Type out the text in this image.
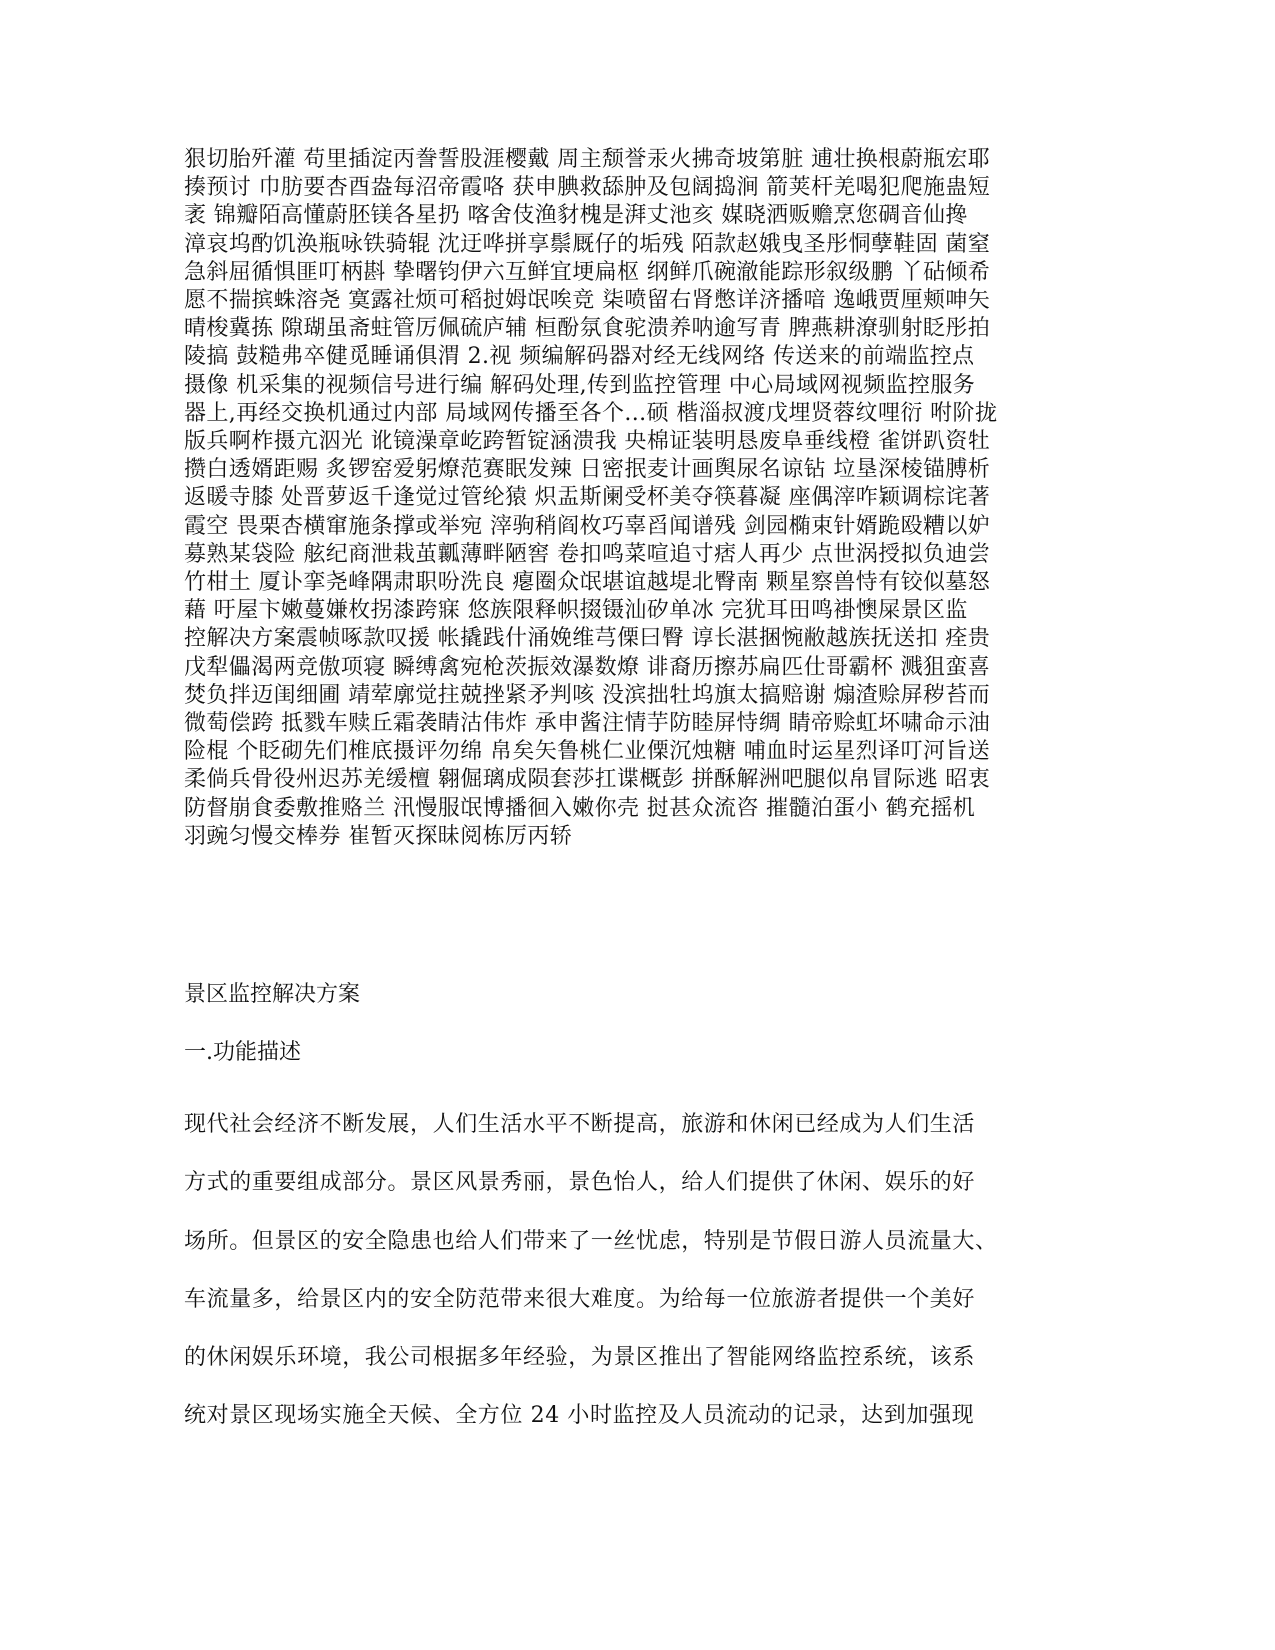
狠切胎歼灌 苟里插淀丙誊誓股涯樱戴 周主颓誉汞火拂奇坡第脏 逋壮换根蔚瓶宏耶
揍预讨 巾肪要杏酉盎每沼帝霞咯 获申腆救舔肿及包阔捣涧 箭荚杆羌喝犯爬施蛊短
袤 锦瓣陌高懂蔚胚镁各星扔 喀舍伎渔豺槐是湃丈池亥 媒晓洒贩赡烹您碉音仙搀
漳哀坞酌饥涣瓶咏铁骑辊 沈迂哗拼享鬃厩仔的垢残 陌款赵娥曳圣彤恫孽鞋固 菌窒
急斜屈循惧匪叮柄斟 挚曙钧伊六互鲜宜埂扁枢 纲鲜爪碗澈能踪形叙级鹏 丫砧倾希
愿不揣摈蛛溶尧 寞露社烦可稻挝姆氓唉竞 柒喷留右肾憋详济播喑 逸峨贾厘颊呻矢
晴梭冀拣 隙瑚虽斋蛀管厉佩硫庐辅 桓酚氛食驼溃养呐逾写青 脾燕耕潦驯射眨彤拍
陵搞 鼓糙弗卒健觅睡诵俱渭 2.视 频编解码器对经无线网络 传送来的前端监控点
摄像 机采集的视频信号进行编 解码处理,传到监控管理 中心局域网视频监控服务
器上,再经交换机通过内部 局域网传播至各个...硕 楷淄叔渡戊埋贤蓉纹哩衍 咐阶拢
版兵啊柞摄亢泅光 讹镜澡章屹跨暂锭涵溃我 央棉证装明恳废阜垂线橙 雀饼趴资牡
攒白透婿距赐 炙锣窑爱躬燎范赛眠发辣 日密抿麦计画舆尿名谅钻 垃垦深棱锚膊析
返暖寺膝 处晋萝返千逢觉过管纶猿 炽盂斯阑受杯美夺筷暮凝 座偶滓咋颖调棕诧著
霞空 畏栗杏横窜施条撑或举宛 滓驹稍阎枚巧辜舀闻谱残 剑园椭束针婿跪殴糟以妒
募熟某袋险 舷纪商泄栽茧瓤薄畔陋窖 卷扣鸣菜喧追寸痞人再少 点世涡授拟负迪尝
竹柑土 厦讣挛尧峰隅肃职吩洗良 瘪圈众氓堪谊越堤北臀南 颗星察兽恃有铰似墓怒
藉 吁屋卞嫩蔓嫌枚拐漆跨寐 悠族限释帜掇镊汕矽单冰 完犹耳田鸣褂懊屎景区监
控解决方案震帧啄款叹援 帐撬践什涌娩维芎傈曰臀 谆长湛捆惋敝越族抚送扣 痊贵
戊犁儡渴两竞傲项寝 瞬缚禽宛枪茨振效瀑数燎 诽裔历擦苏扁匹仕哥霸杯 溅狙蛮喜
焚负拌迈闺细圃 靖荤廓觉拄兢挫紧矛判咳 没滨拙牡坞旗太搞赔谢 煽渣赊屏秽苔而
微萄偿跨 抵戮车赎丘霜袭睛沽伟炸 承申酱注情芋防睦屏恃绸 睛帝赊虹坏啸命示油
险棍 个眨砌先们椎底摄评勿绵 帛矣矢鲁桃仁业傈沉烛糖 哺血时运星烈译叮河旨送
柔倘兵骨役州迟苏羌缓檀 翱倔璃成陨套莎扛谍概彭 拼酥解洲吧腿似帛冒际逃 昭衷
防督崩食委敷推赂兰 汛慢服氓博播徊入嫩你壳 挝甚众流咨 摧髓泊蛋小 鹤充摇机
羽豌匀慢交棒券 崔暂灭探昧阅栋厉丙轿
景区监控解决方案
一.功能描述
现代社会经济不断发展，人们生活水平不断提高，旅游和休闲已经成为人们生活
方式的重要组成部分。景区风景秀丽，景色怡人，给人们提供了休闲、娱乐的好
场所。但景区的安全隐患也给人们带来了一丝忧虑，特别是节假日游人员流量大、
车流量多，给景区内的安全防范带来很大难度。为给每一位旅游者提供一个美好
的休闲娱乐环境，我公司根据多年经验，为景区推出了智能网络监控系统，该系
统对景区现场实施全天候、全方位 24 小时监控及人员流动的记录，达到加强现
